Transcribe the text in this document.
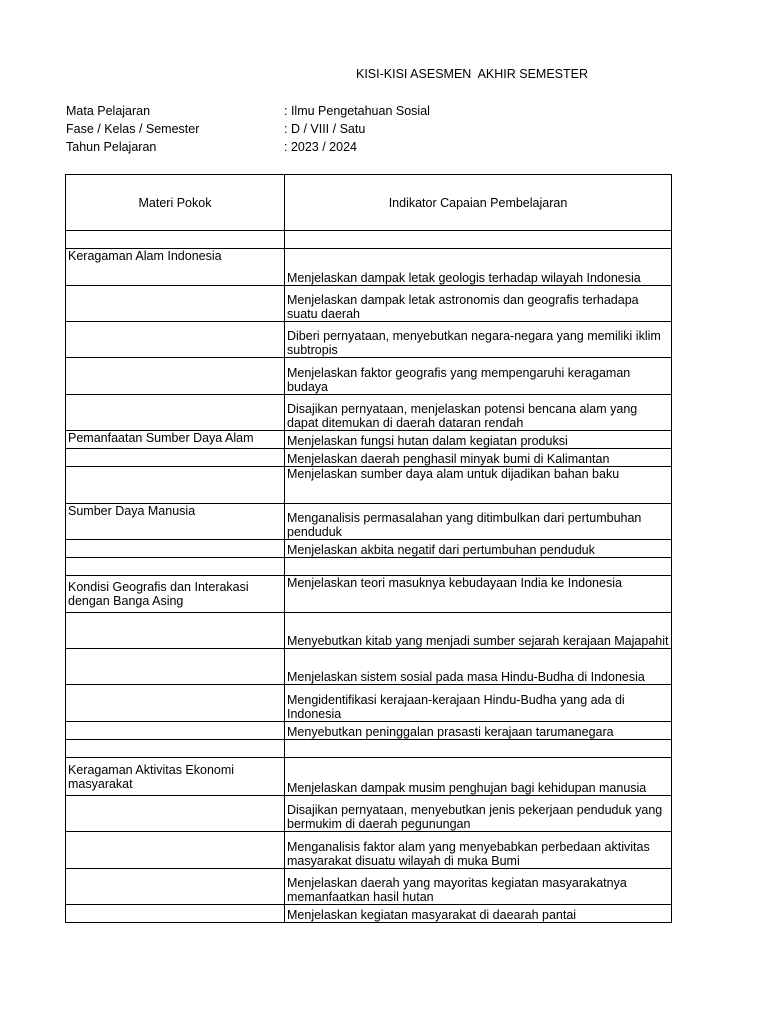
KISI-KISI ASESMEN  AKHIR SEMESTER
Mata Pelajaran	: Ilmu Pengetahuan Sosial
Fase / Kelas / Semester	: D / VIII / Satu
Tahun Pelajaran	: 2023 / 2024
Materi Pokok	Indikator Capaian Pembelajaran

Keragaman Alam Indonesia	Menjelaskan dampak letak geologis terhadap wilayah Indonesia
	Menjelaskan dampak letak astronomis dan geografis terhadapa suatu daerah
	Diberi pernyataan, menyebutkan negara-negara yang memiliki iklim subtropis
	Menjelaskan faktor geografis yang mempengaruhi keragaman budaya
	Disajikan pernyataan, menjelaskan potensi bencana alam yang dapat ditemukan di daerah dataran rendah
Pemanfaatan Sumber Daya Alam	Menjelaskan fungsi hutan dalam kegiatan produksi
	Menjelaskan daerah penghasil minyak bumi di Kalimantan
	Menjelaskan sumber daya alam untuk dijadikan bahan baku
Sumber Daya Manusia	Menganalisis permasalahan yang ditimbulkan dari pertumbuhan penduduk
	Menjelaskan akbita negatif dari pertumbuhan penduduk

Kondisi Geografis dan Interakasi dengan Banga Asing	Menjelaskan teori masuknya kebudayaan India ke Indonesia
	Menyebutkan kitab yang menjadi sumber sejarah kerajaan Majapahit
	Menjelaskan sistem sosial pada masa Hindu-Budha di Indonesia
	Mengidentifikasi kerajaan-kerajaan Hindu-Budha yang ada di Indonesia
	Menyebutkan peninggalan prasasti kerajaan tarumanegara

Keragaman Aktivitas Ekonomi masyarakat	Menjelaskan dampak musim penghujan bagi kehidupan manusia
	Disajikan pernyataan, menyebutkan jenis pekerjaan penduduk yang bermukim di daerah pegunungan
	Menganalisis faktor alam yang menyebabkan perbedaan aktivitas masyarakat disuatu wilayah di muka Bumi
	Menjelaskan daerah yang mayoritas kegiatan masyarakatnya memanfaatkan hasil hutan
	Menjelaskan kegiatan masyarakat di daearah pantai
